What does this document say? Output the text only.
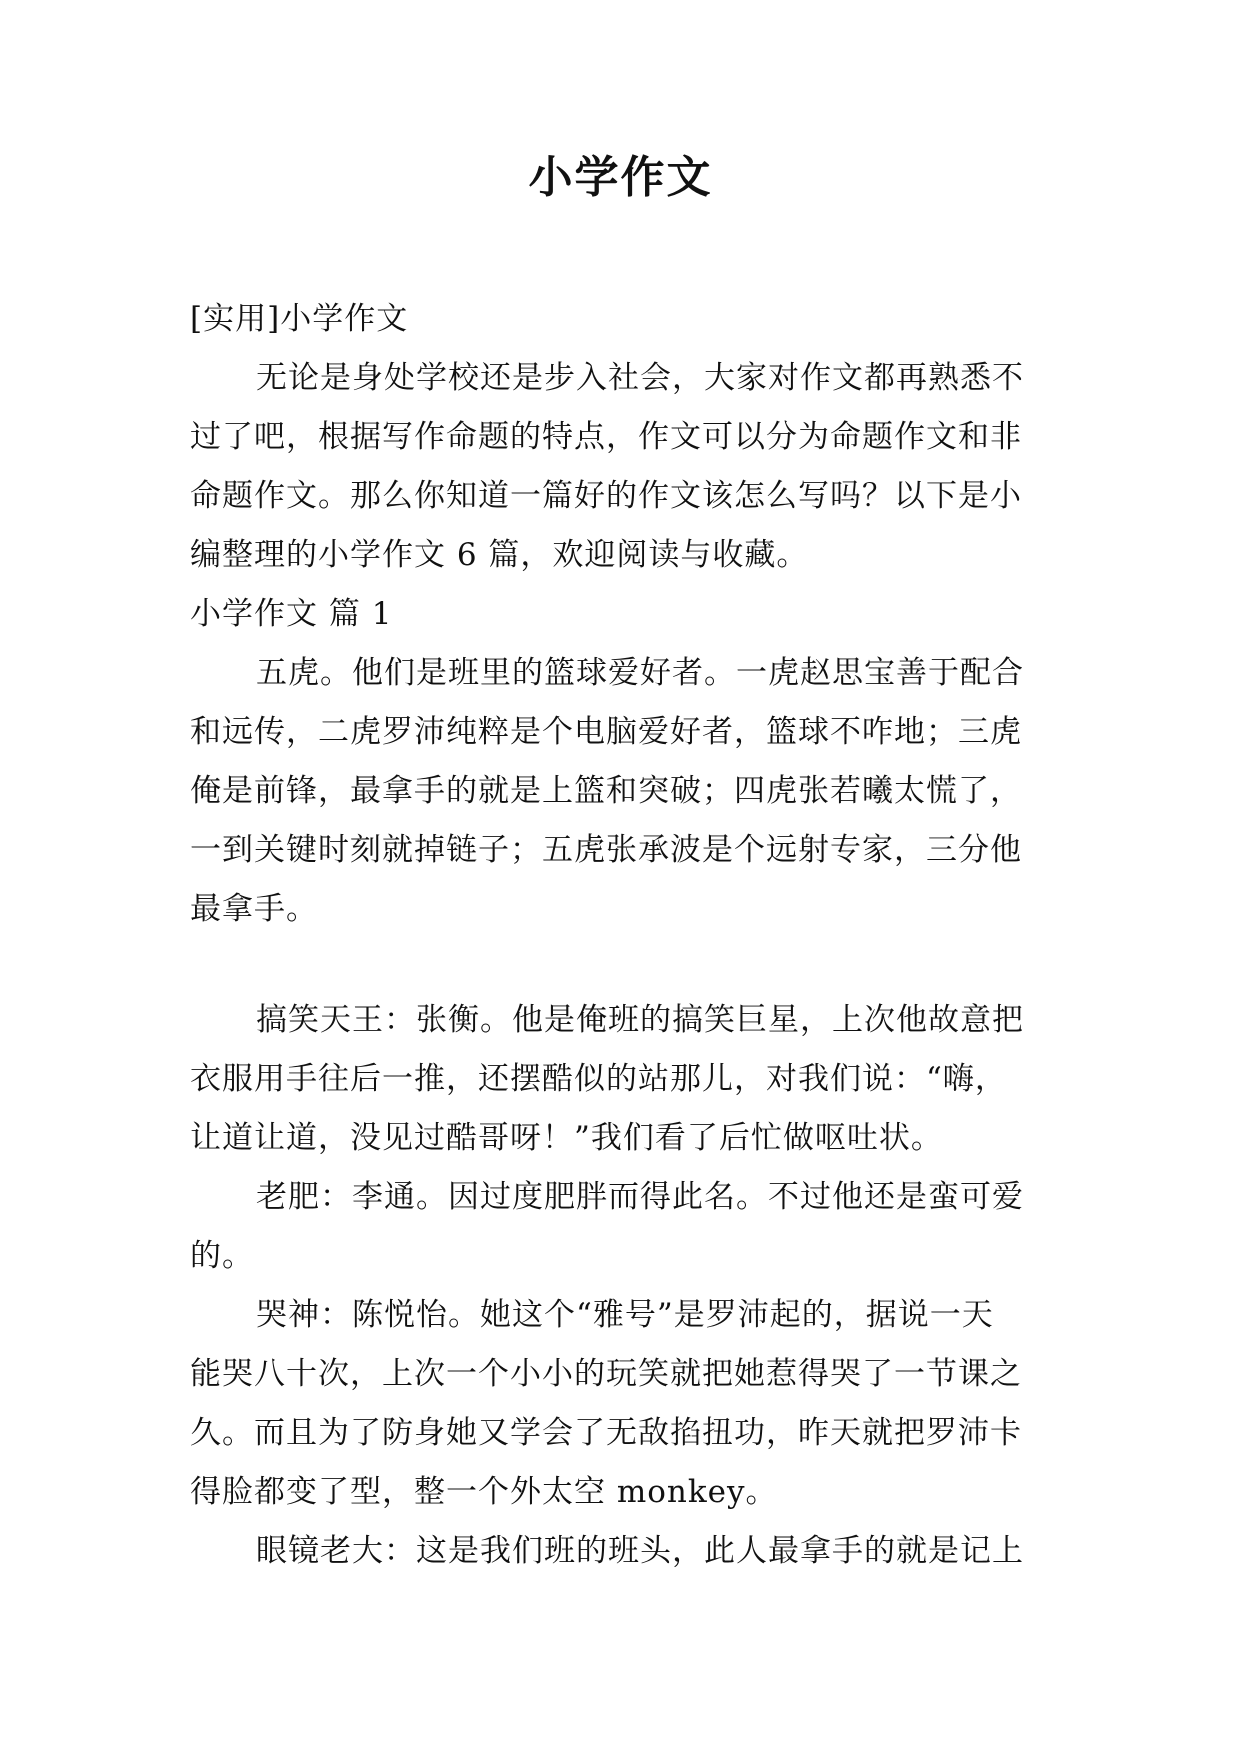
小学作文
[实用]小学作文
无论是身处学校还是步入社会，大家对作文都再熟悉不
过了吧，根据写作命题的特点，作文可以分为命题作文和非
命题作文。那么你知道一篇好的作文该怎么写吗？以下是小
编整理的小学作文 6 篇，欢迎阅读与收藏。
小学作文 篇 1
五虎。他们是班里的篮球爱好者。一虎赵思宝善于配合
和远传，二虎罗沛纯粹是个电脑爱好者，篮球不咋地；三虎
俺是前锋，最拿手的就是上篮和突破；四虎张若曦太慌了，
一到关键时刻就掉链子；五虎张承波是个远射专家，三分他
最拿手。
搞笑天王：张衡。他是俺班的搞笑巨星，上次他故意把
衣服用手往后一推，还摆酷似的站那儿，对我们说：“嗨，
让道让道，没见过酷哥呀！”我们看了后忙做呕吐状。
老肥：李通。因过度肥胖而得此名。不过他还是蛮可爱
的。
哭神：陈悦怡。她这个“雅号”是罗沛起的，据说一天
能哭八十次，上次一个小小的玩笑就把她惹得哭了一节课之
久。而且为了防身她又学会了无敌掐扭功，昨天就把罗沛卡
得脸都变了型，整一个外太空 monkey。
眼镜老大：这是我们班的班头，此人最拿手的就是记上
